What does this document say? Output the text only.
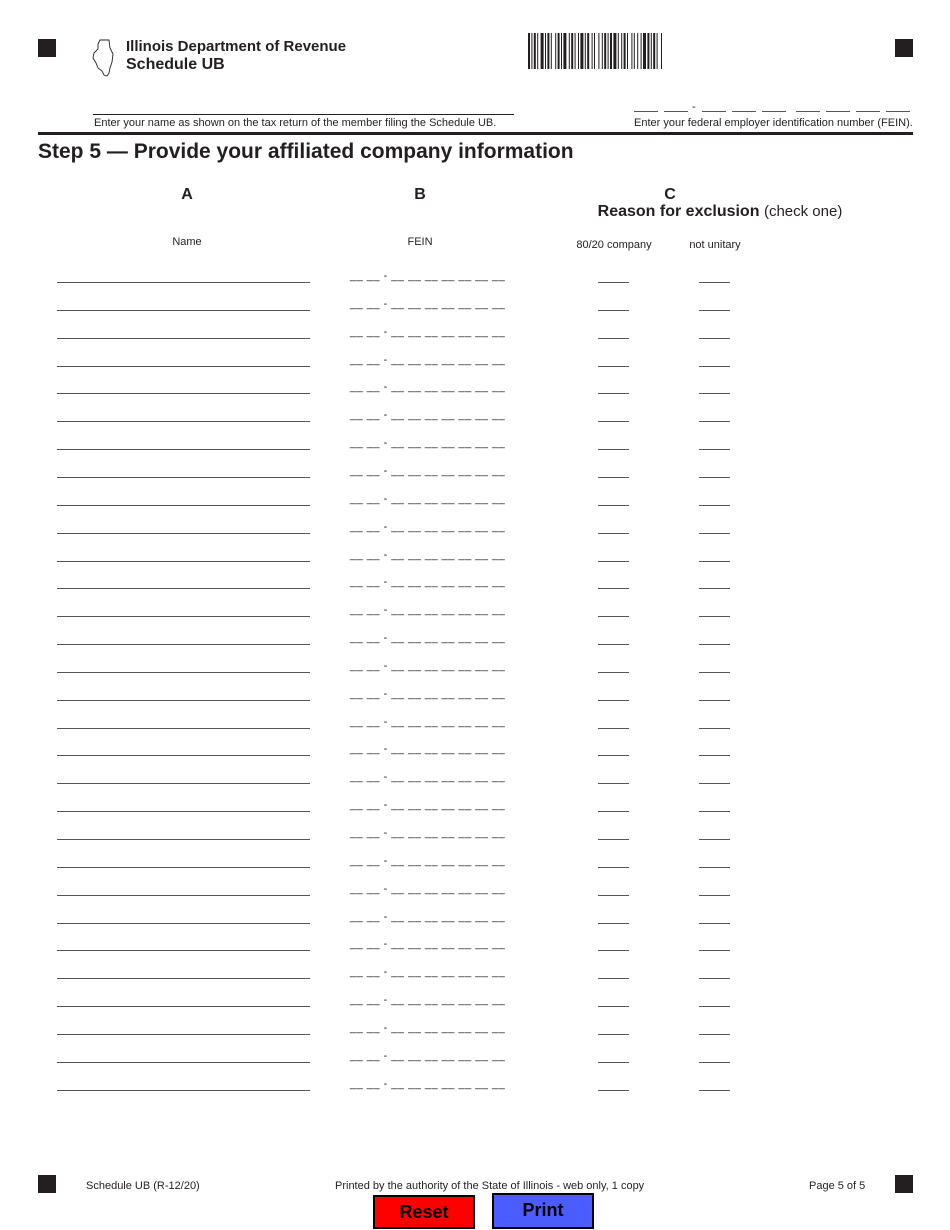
Illinois Department of Revenue
Schedule UB
Enter your name as shown on the tax return of the member filing the Schedule UB.
-
Enter your federal employer identification number (FEIN).
Step 5 — Provide your affiliated company information
A	B	C
Reason for exclusion (check one)
Name	FEIN	80/20 company	not unitary
__ __ - __ __ __ __ __ __ __
__ __ - __ __ __ __ __ __ __
__ __ - __ __ __ __ __ __ __
__ __ - __ __ __ __ __ __ __
__ __ - __ __ __ __ __ __ __
__ __ - __ __ __ __ __ __ __
__ __ - __ __ __ __ __ __ __
__ __ - __ __ __ __ __ __ __
__ __ - __ __ __ __ __ __ __
__ __ - __ __ __ __ __ __ __
__ __ - __ __ __ __ __ __ __
__ __ - __ __ __ __ __ __ __
__ __ - __ __ __ __ __ __ __
__ __ - __ __ __ __ __ __ __
__ __ - __ __ __ __ __ __ __
__ __ - __ __ __ __ __ __ __
__ __ - __ __ __ __ __ __ __
__ __ - __ __ __ __ __ __ __
__ __ - __ __ __ __ __ __ __
__ __ - __ __ __ __ __ __ __
__ __ - __ __ __ __ __ __ __
__ __ - __ __ __ __ __ __ __
__ __ - __ __ __ __ __ __ __
__ __ - __ __ __ __ __ __ __
__ __ - __ __ __ __ __ __ __
__ __ - __ __ __ __ __ __ __
__ __ - __ __ __ __ __ __ __
__ __ - __ __ __ __ __ __ __
__ __ - __ __ __ __ __ __ __
__ __ - __ __ __ __ __ __ __
Schedule UB (R-12/20)	Printed by the authority of the State of Illinois - web only, 1 copy	Page 5 of 5
Reset	Print
